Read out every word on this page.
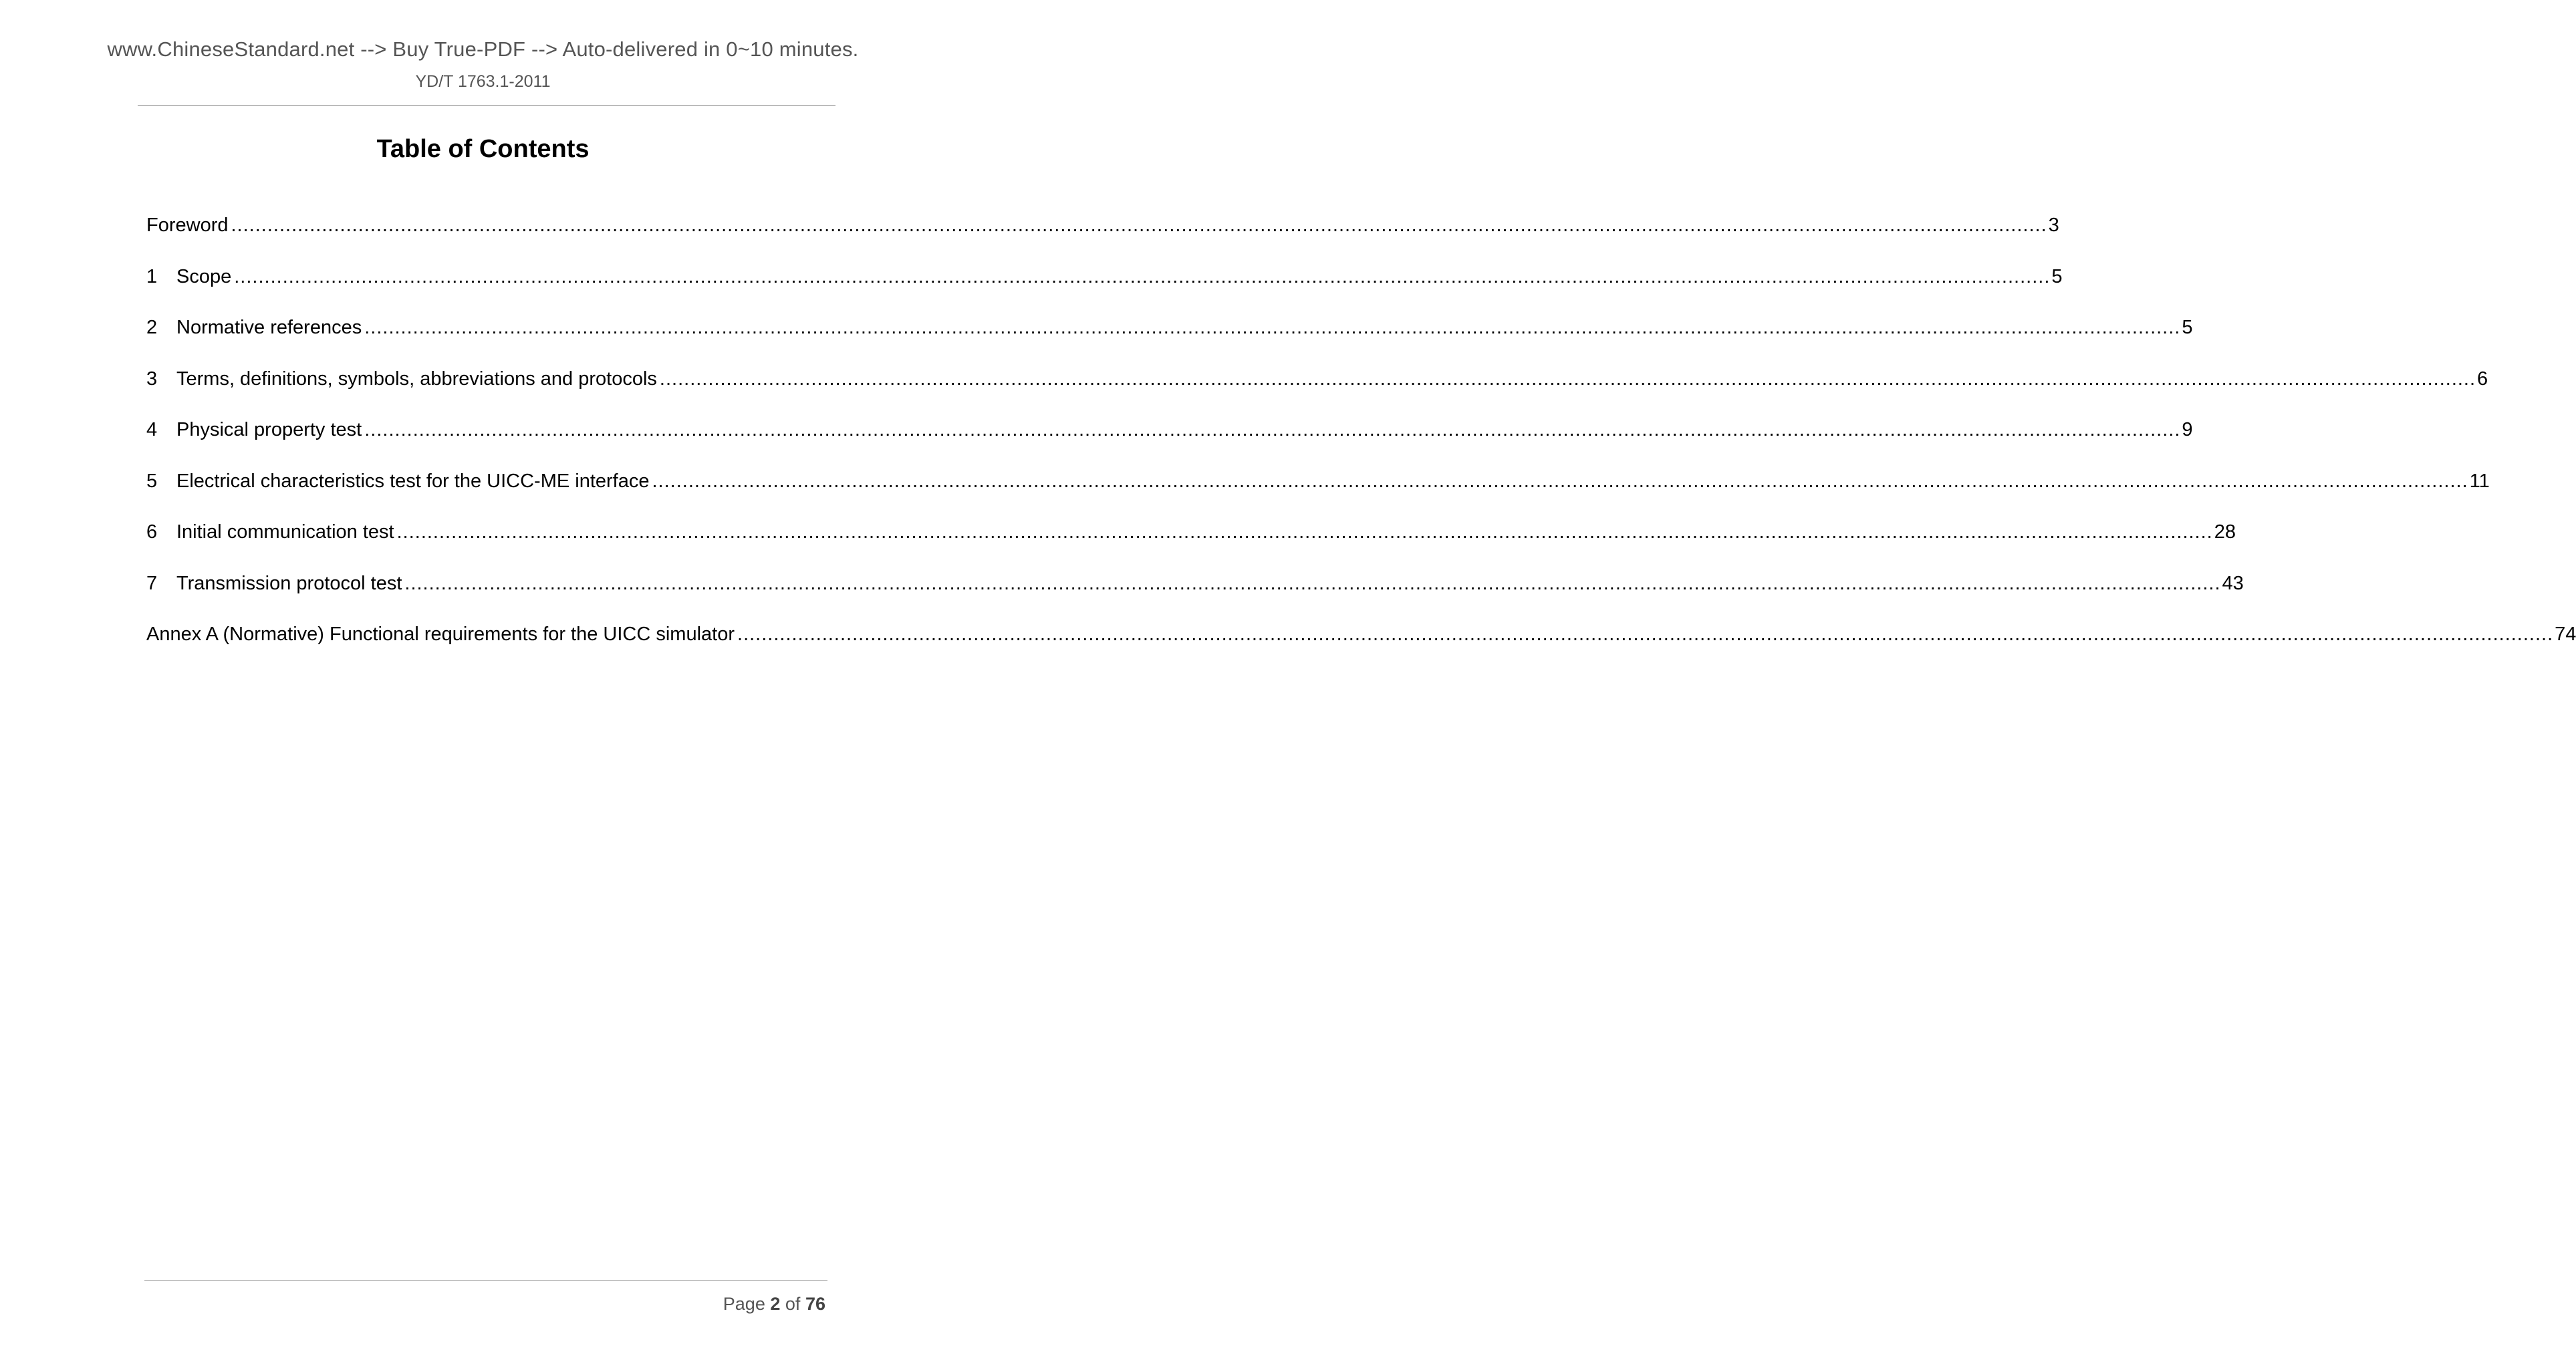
www.ChineseStandard.net --> Buy True-PDF --> Auto-delivered in 0~10 minutes.
YD/T 1763.1-2011
Table of Contents
Foreword ............................................................................................................................................................................................................................................................................................................ 3
1 Scope ............................................................................................................................................................................................................................................................................................................ 5
2 Normative references ............................................................................................................................................................................................................................................................................................................ 5
3 Terms, definitions, symbols, abbreviations and protocols ............................................................................................................................................................................................................................................................................................................ 6
4 Physical property test ............................................................................................................................................................................................................................................................................................................ 9
5 Electrical characteristics test for the UICC-ME interface ............................................................................................................................................................................................................................................................................................................ 11
6 Initial communication test ............................................................................................................................................................................................................................................................................................................ 28
7 Transmission protocol test ............................................................................................................................................................................................................................................................................................................ 43
Annex A (Normative) Functional requirements for the UICC simulator ............................................................................................................................................................................................................................................................................................................ 74
Page 2 of 76
